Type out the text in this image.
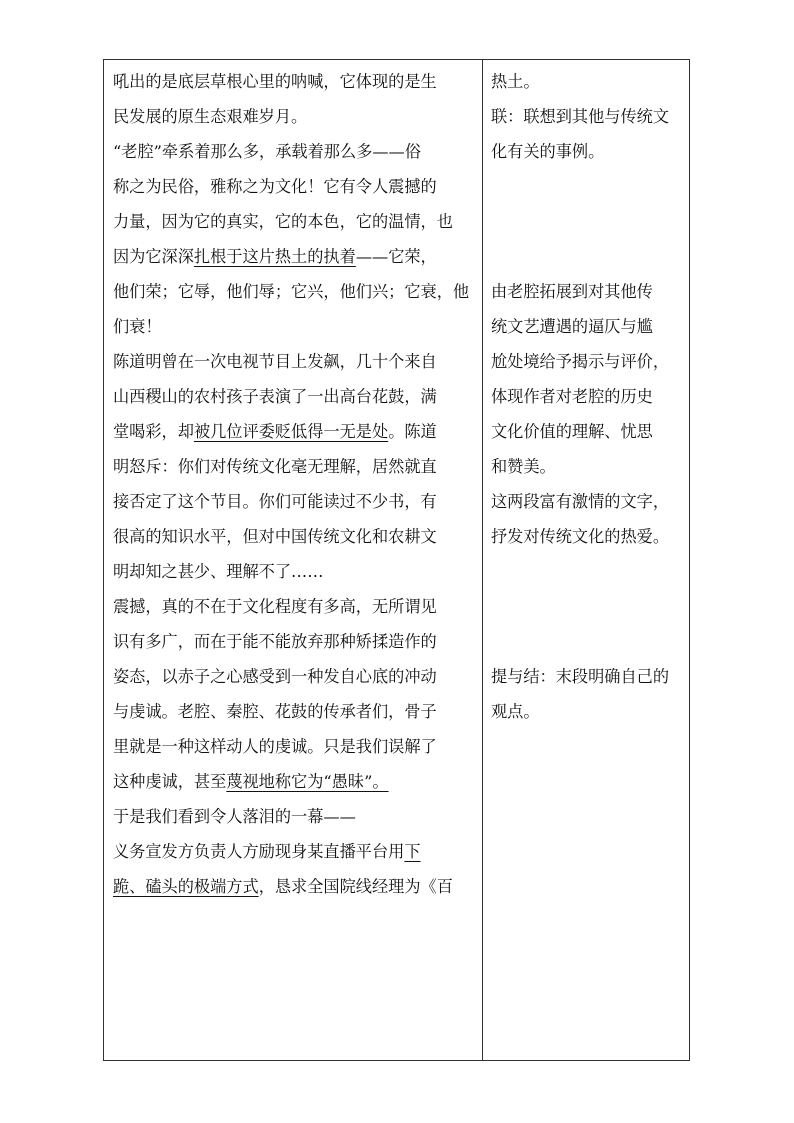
吼出的是底层草根心里的呐喊，它体现的是生
民发展的原生态艰难岁月。
“老腔”牵系着那么多，承载着那么多——俗
称之为民俗，雅称之为文化！它有令人震撼的
力量，因为它的真实，它的本色，它的温情，也
因为它深深扎根于这片热土的执着——它荣，
他们荣；它辱，他们辱；它兴，他们兴；它衰，他
们衰！
陈道明曾在一次电视节目上发飙，几十个来自
山西稷山的农村孩子表演了一出高台花鼓，满
堂喝彩，却被几位评委贬低得一无是处。陈道
明怒斥：你们对传统文化毫无理解，居然就直
接否定了这个节目。你们可能读过不少书，有
很高的知识水平，但对中国传统文化和农耕文
明却知之甚少、理解不了……
震撼，真的不在于文化程度有多高，无所谓见
识有多广，而在于能不能放弃那种矫揉造作的
姿态，以赤子之心感受到一种发自心底的冲动
与虔诚。老腔、秦腔、花鼓的传承者们，骨子
里就是一种这样动人的虔诚。只是我们误解了
这种虔诚，甚至蔑视地称它为“愚昧”。
于是我们看到令人落泪的一幕——
义务宣发方负责人方励现身某直播平台用下
跪、磕头的极端方式，恳求全国院线经理为《百
热土。
联：联想到其他与传统文
化有关的事例。
由老腔拓展到对其他传
统文艺遭遇的逼仄与尴
尬处境给予揭示与评价，
体现作者对老腔的历史
文化价值的理解、忧思
和赞美。
这两段富有激情的文字，
抒发对传统文化的热爱。
提与结：末段明确自己的
观点。
